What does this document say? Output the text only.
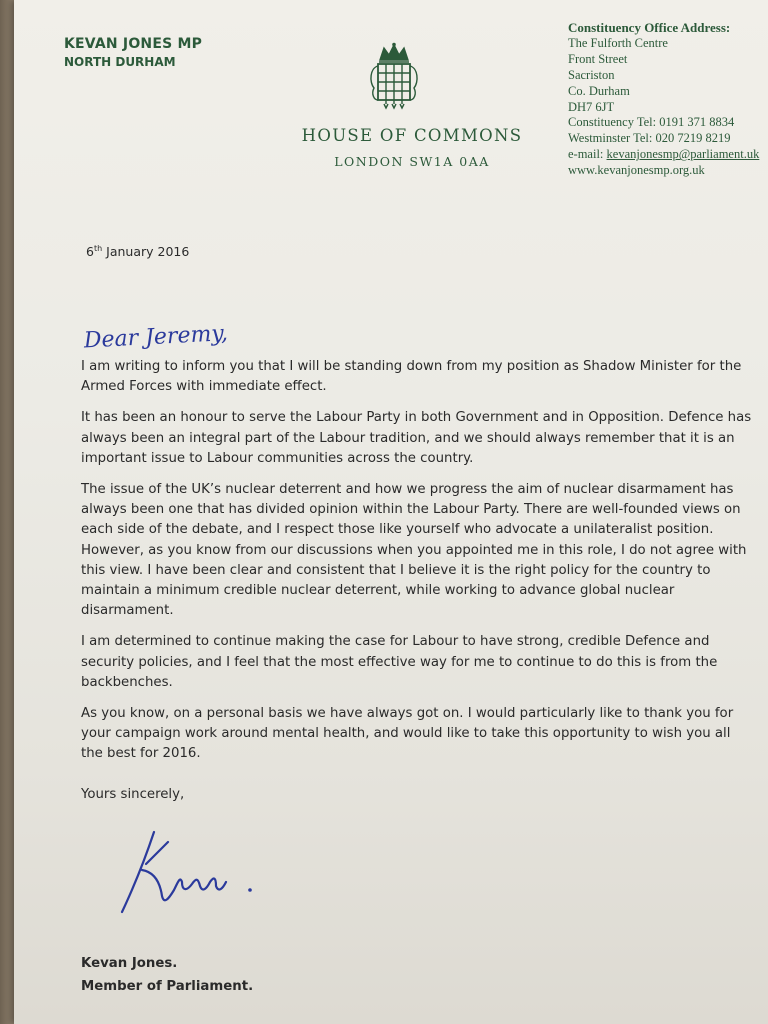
KEVAN JONES MP

NORTH DURHAM

HOUSE OF COMMONS

LONDON SW1A 0AA

Constituency Office Address:
The Fulforth Centre
Front Street
Sacriston
Co. Durham
DH7 6JT
Constituency Tel: 0191 371 8834
Westminster Tel: 020 7219 8219
e-mail: kevanjonesmp@parliament.uk
www.kevanjonesmp.org.uk

6th January 2016

Dear Jeremy,

I am writing to inform you that I will be standing down from my position as Shadow Minister for the Armed Forces with immediate effect.

It has been an honour to serve the Labour Party in both Government and in Opposition. Defence has always been an integral part of the Labour tradition, and we should always remember that it is an important issue to Labour communities across the country.

The issue of the UK’s nuclear deterrent and how we progress the aim of nuclear disarmament has always been one that has divided opinion within the Labour Party. There are well-founded views on each side of the debate, and I respect those like yourself who advocate a unilateralist position. However, as you know from our discussions when you appointed me in this role, I do not agree with this view. I have been clear and consistent that I believe it is the right policy for the country to maintain a minimum credible nuclear deterrent, while working to advance global nuclear disarmament.

I am determined to continue making the case for Labour to have strong, credible Defence and security policies, and I feel that the most effective way for me to continue to do this is from the backbenches.

As you know, on a personal basis we have always got on. I would particularly like to thank you for your campaign work around mental health, and would like to take this opportunity to wish you all the best for 2016.

Yours sincerely,

Kevan Jones.
Member of Parliament.
